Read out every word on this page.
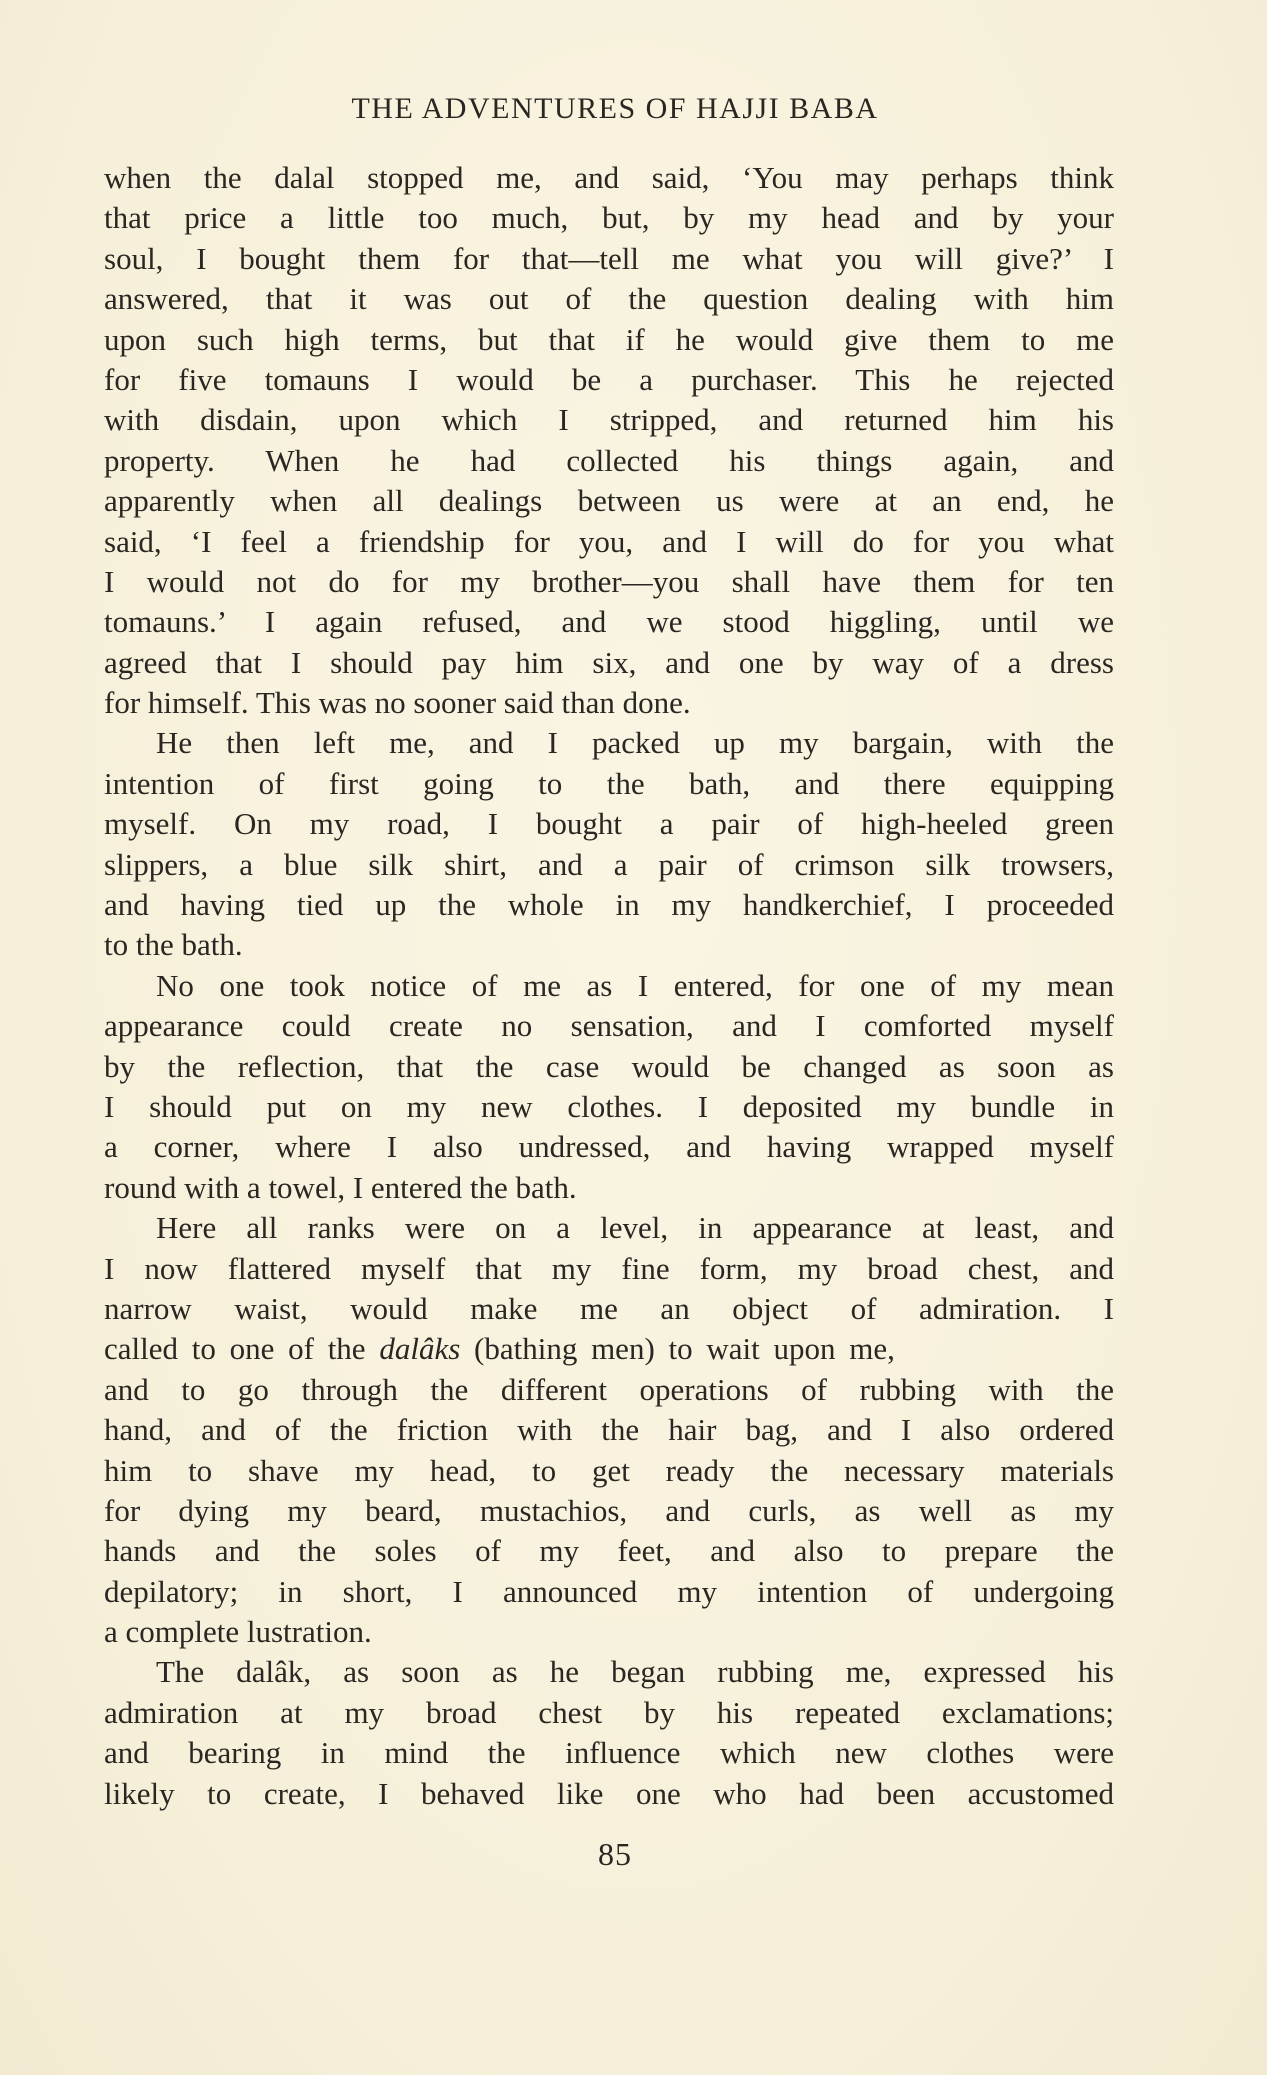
THE ADVENTURES OF HAJJI BABA
when the dalal stopped me, and said, ‘You may perhaps think
that price a little too much, but, by my head and by your
soul, I bought them for that—tell me what you will give?’ I
answered, that it was out of the question dealing with him
upon such high terms, but that if he would give them to me
for five tomauns I would be a purchaser. This he rejected
with disdain, upon which I stripped, and returned him his
property. When he had collected his things again, and
apparently when all dealings between us were at an end, he
said, ‘I feel a friendship for you, and I will do for you what
I would not do for my brother—you shall have them for ten
tomauns.’ I again refused, and we stood higgling, until we
agreed that I should pay him six, and one by way of a dress
for himself. This was no sooner said than done.
He then left me, and I packed up my bargain, with the
intention of first going to the bath, and there equipping
myself. On my road, I bought a pair of high-heeled green
slippers, a blue silk shirt, and a pair of crimson silk trowsers,
and having tied up the whole in my handkerchief, I proceeded
to the bath.
No one took notice of me as I entered, for one of my mean
appearance could create no sensation, and I comforted myself
by the reflection, that the case would be changed as soon as
I should put on my new clothes. I deposited my bundle in
a corner, where I also undressed, and having wrapped myself
round with a towel, I entered the bath.
Here all ranks were on a level, in appearance at least, and
I now flattered myself that my fine form, my broad chest, and
narrow waist, would make me an object of admiration. I
called to one of the dalâks (bathing men) to wait upon me,
and to go through the different operations of rubbing with the
hand, and of the friction with the hair bag, and I also ordered
him to shave my head, to get ready the necessary materials
for dying my beard, mustachios, and curls, as well as my
hands and the soles of my feet, and also to prepare the
depilatory; in short, I announced my intention of undergoing
a complete lustration.
The dalâk, as soon as he began rubbing me, expressed his
admiration at my broad chest by his repeated exclamations;
and bearing in mind the influence which new clothes were
likely to create, I behaved like one who had been accustomed
85
